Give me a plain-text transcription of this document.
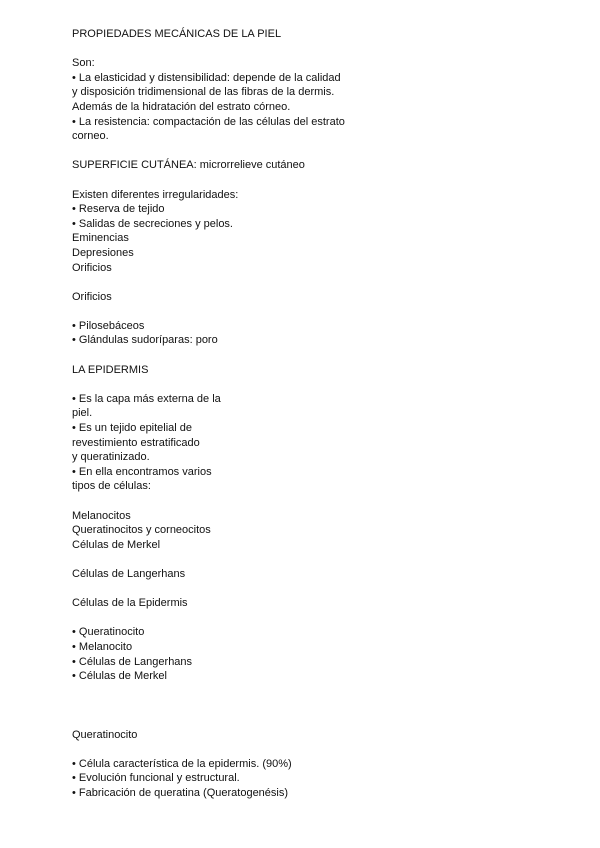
PROPIEDADES MECÁNICAS DE LA PIEL
Son:
• La elasticidad y distensibilidad: depende de la calidad
y disposición tridimensional de las fibras de la dermis.
Además de la hidratación del estrato córneo.
• La resistencia: compactación de las células del estrato
corneo.
SUPERFICIE CUTÁNEA: microrrelieve cutáneo
Existen diferentes irregularidades:
• Reserva de tejido
• Salidas de secreciones y pelos.
Eminencias
Depresiones
Orificios
Orificios
• Pilosebáceos
• Glándulas sudoríparas: poro
LA EPIDERMIS
• Es la capa más externa de la
piel.
• Es un tejido epitelial de
revestimiento estratificado
y queratinizado.
• En ella encontramos varios
tipos de células:
Melanocitos
Queratinocitos y corneocitos
Células de Merkel
Células de Langerhans
Células de la Epidermis
• Queratinocito
• Melanocito
• Células de Langerhans
• Células de Merkel
Queratinocito
• Célula característica de la epidermis. (90%)
• Evolución funcional y estructural.
• Fabricación de queratina (Queratogenésis)
